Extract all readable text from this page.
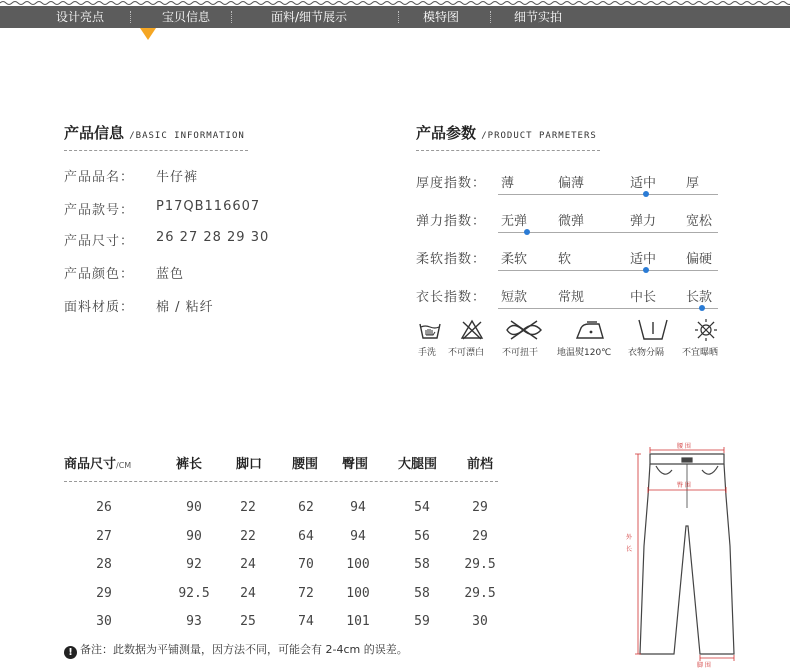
设计亮点	宝贝信息	面料/细节展示	模特图	细节实拍
产品信息 /BASIC INFORMATION
产品品名： 牛仔裤
产品款号： P17QB116607
产品尺寸： 26 27 28 29 30
产品颜色： 蓝色
面料材质： 棉 / 粘纤
产品参数 /PRODUCT PARMETERS
厚度指数： 薄	偏薄	适中 厚
弹力指数： 无弹 微弹	弹力 宽松
柔软指数： 柔软 软	适中 偏硬
衣长指数： 短款 常规	中长 长款
手洗 不可漂白 不可扭干 地温熨120℃ 衣物分隔 不宜曝晒
商品尺寸/CM	裤长	脚口 腰围 臀围 大腿围 前档
26	90	22	62	94	54	29
27	90	22	64	94	56	29
28	92	24	70 100	58	29.5
29	92.5 24	72 100	58	29.5
30	93	25	74 101	59	30
! 备注：此数据为平铺测量，因方法不同，可能会有 2-4cm 的误差。
腰 围
臀 围
外
长
脚 围
